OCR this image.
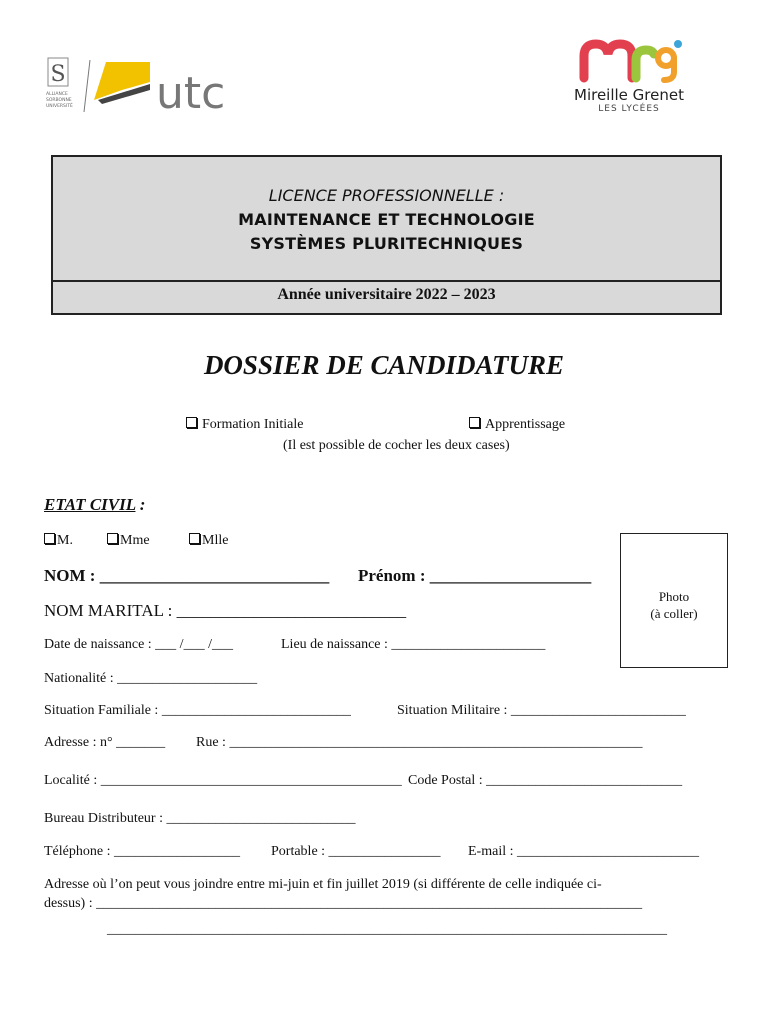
S
ALLIANCE
SORBONNE
UNIVERSITÉ utc	Mireille Grenet
LES LYCÉES
LICENCE PROFESSIONNELLE :
MAINTENANCE ET TECHNOLOGIE
SYSTÈMES PLURITECHNIQUES
Année universitaire 2022 – 2023
DOSSIER DE CANDIDATURE
Formation Initiale	Apprentissage
(Il est possible de cocher les deux cases)
ETAT CIVIL :
M.	Mme	Mlle
Photo
(à coller)
NOM : ___________________________ Prénom : ___________________
NOM MARITAL : ___________________________
Date de naissance : ___ /___ /___	Lieu de naissance : ______________________
Nationalité : ____________________
Situation Familiale : ___________________________	Situation Militaire : _________________________
Adresse : n° _______ Rue : ___________________________________________________________
Localité : ___________________________________________ Code Postal : ____________________________
Bureau Distributeur : ___________________________
Téléphone : __________________ Portable : ________________ E-mail : __________________________
Adresse où l’on peut vous joindre entre mi-juin et fin juillet 2019 (si différente de celle indiquée ci-
dessus) : ______________________________________________________________________________
________________________________________________________________________________
